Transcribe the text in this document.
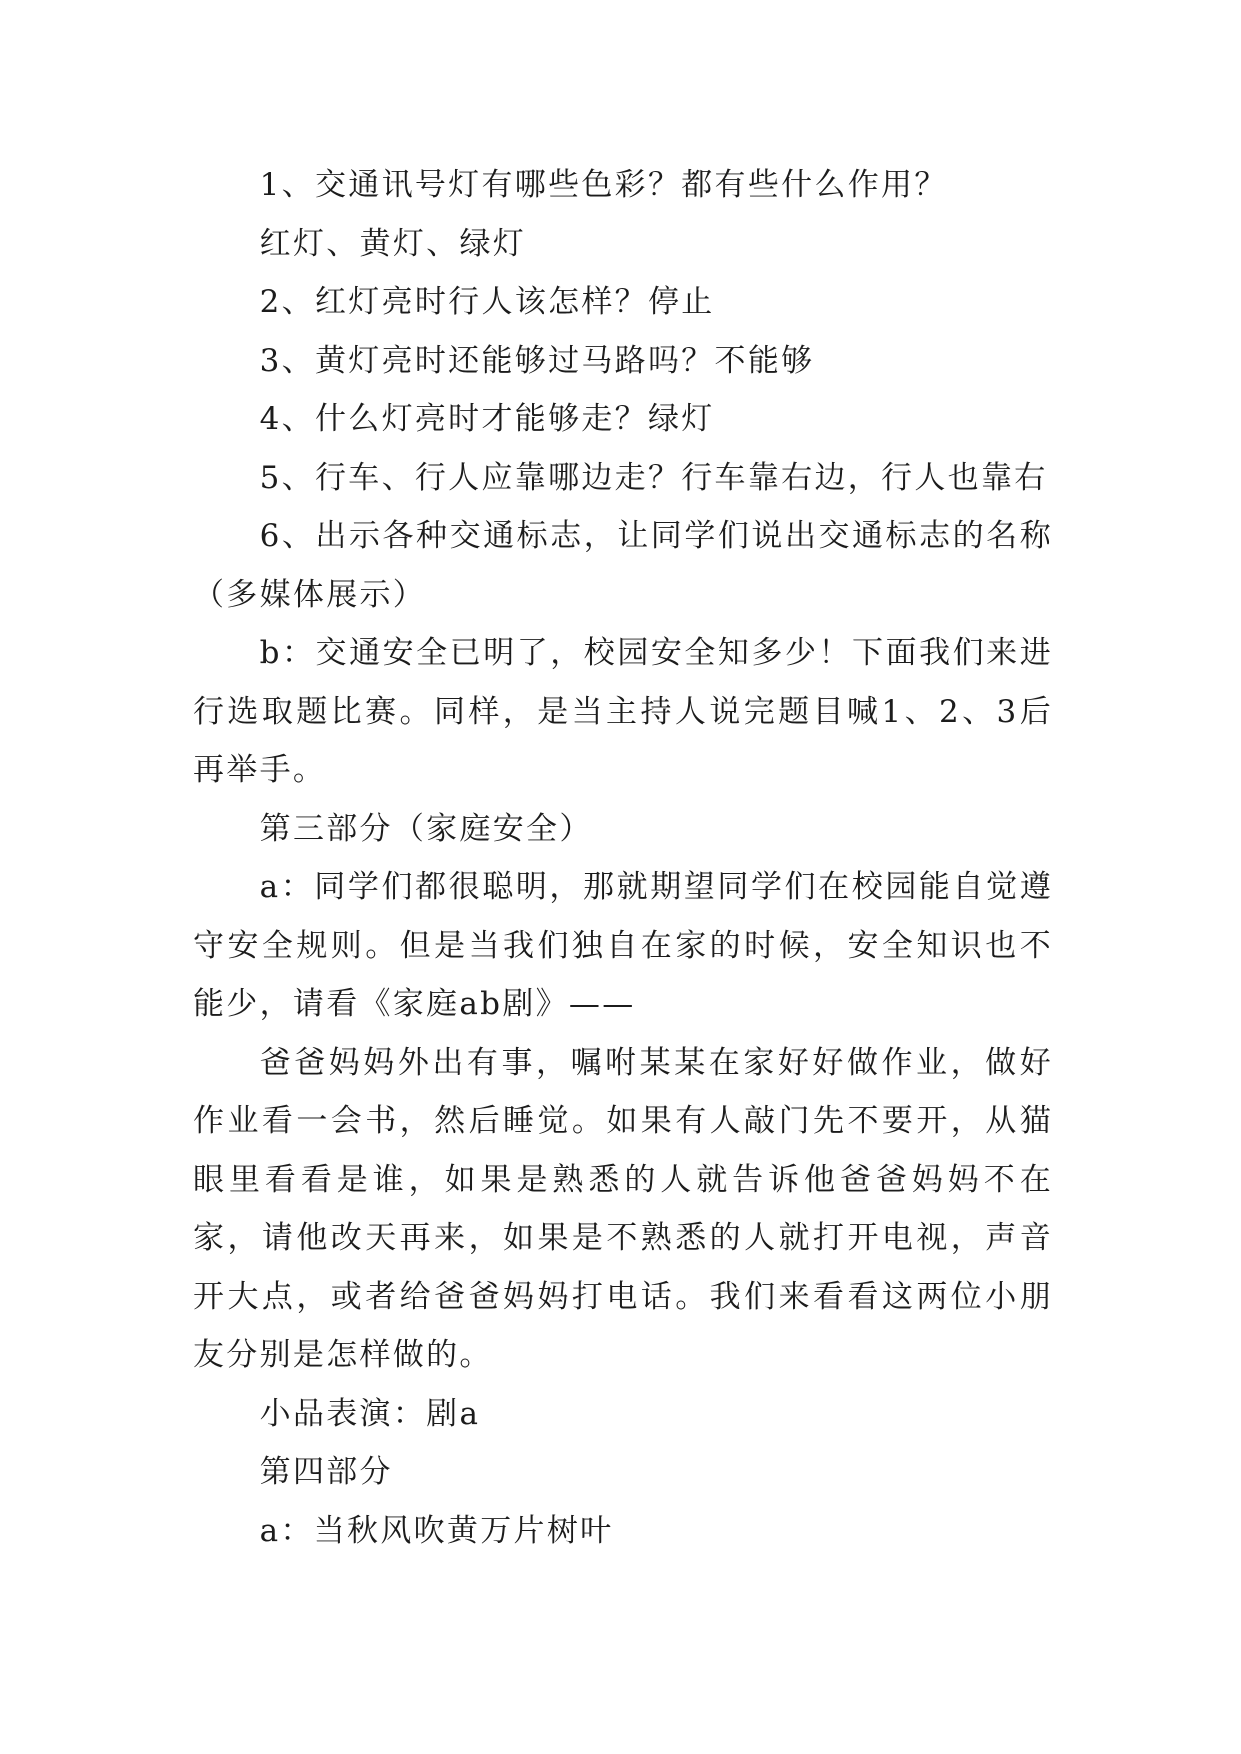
1、交通讯号灯有哪些色彩？都有些什么作用？

红灯、黄灯、绿灯

2、红灯亮时行人该怎样？停止

3、黄灯亮时还能够过马路吗？不能够

4、什么灯亮时才能够走？绿灯

5、行车、行人应靠哪边走？行车靠右边，行人也靠右

6、出示各种交通标志，让同学们说出交通标志的名称（多媒体展示）

b：交通安全已明了，校园安全知多少！下面我们来进行选取题比赛。同样，是当主持人说完题目喊1、2、3后再举手。

第三部分（家庭安全）

a：同学们都很聪明，那就期望同学们在校园能自觉遵守安全规则。但是当我们独自在家的时候，安全知识也不能少，请看《家庭ab剧》——

爸爸妈妈外出有事，嘱咐某某在家好好做作业，做好作业看一会书，然后睡觉。如果有人敲门先不要开，从猫眼里看看是谁，如果是熟悉的人就告诉他爸爸妈妈不在家，请他改天再来，如果是不熟悉的人就打开电视，声音开大点，或者给爸爸妈妈打电话。我们来看看这两位小朋友分别是怎样做的。

小品表演：剧a

第四部分

a：当秋风吹黄万片树叶
